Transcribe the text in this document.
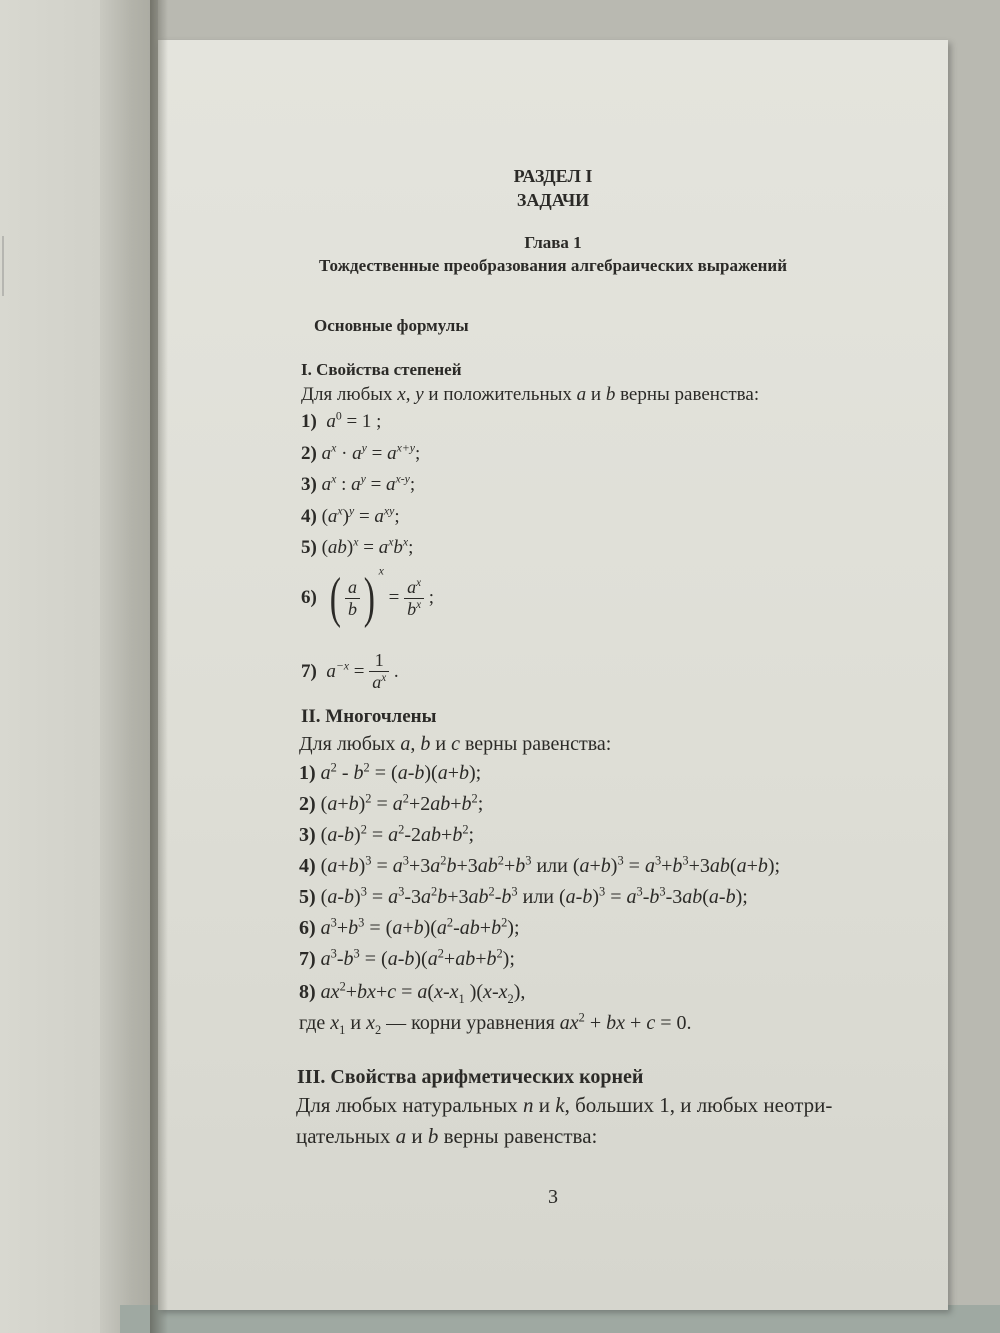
РАЗДЕЛ I
ЗАДАЧИ
Глава 1
Тождественные преобразования алгебраических выражений
Основные формулы
I. Свойства степеней
Для любых x, y и положительных a и b верны равенства:
1) $a^0 = 1$ ;
2) $a^x \cdot a^y = a^{x+y}$;
3) $a^x$ : $a^y = a^{x-y}$;
4) $(a^x)^y = a^{xy}$;
5) $(ab)^x = a^xb^x$;
6) ( $\frac{a}{b}$ ) $^x = \frac{a^x}{b^x}$ ;
7) $a^{-x} = \frac{1}{a^x}$ .
II. Многочлены
Для любых a, b и c верны равенства:
1) $a^2 - b^2 = (a-b)(a+b)$;
2) $(a+b)^2 = a^2+2ab+b^2$;
3) $(a-b)^2 = a^2-2ab+b^2$;
4) $(a+b)^3 = a^3+3a^2b+3ab^2+b^3$ или $(a+b)^3 = a^3+b^3+3ab(a+b)$;
5) $(a-b)^3 = a^3-3a^2b+3ab^2-b^3$ или $(a-b)^3 = a^3-b^3-3ab(a-b)$;
6) $a^3+b^3 = (a+b)(a^2-ab+b^2)$;
7) $a^3-b^3 = (a-b)(a^2+ab+b^2)$;
8) $ax^2+bx+c = a(x-x_1$ )$(x-x_2)$,
где $x_1$ и $x_2$ — корни уравнения $ax^2$ + bx + c = 0.
III. Свойства арифметических корней
Для любых натуральных n и k, больших 1, и любых неотри-
цательных a и b верны равенства:
3
